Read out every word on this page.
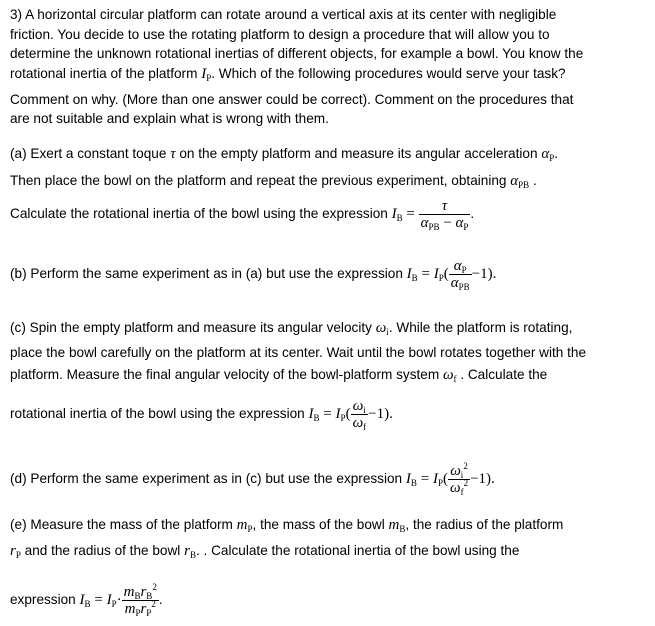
3) A horizontal circular platform can rotate around a vertical axis at its center with negligible
friction. You decide to use the rotating platform to design a procedure that will allow you to
determine the unknown rotational inertias of different objects, for example a bowl. You know the
rotational inertia of the platform $I_P$. Which of the following procedures would serve your task?
Comment on why. (More than one answer could be correct). Comment on the procedures that
are not suitable and explain what is wrong with them.
(a) Exert a constant toque τ on the empty platform and measure its angular acceleration $\alpha_P$.
Then place the bowl on the platform and repeat the previous experiment, obtaining $\alpha_{PB}$ .
Calculate the rotational inertia of the bowl using the expression $I_B = \frac{\tau}{\alpha_{PB} - \alpha_P}$ .
(b) Perform the same experiment as in (a) but use the expression $I_B = I_P( \frac{\alpha_P}{\alpha_{PB}} -1)$.
(c) Spin the empty platform and measure its angular velocity $\omega_i$. While the platform is rotating,
place the bowl carefully on the platform at its center. Wait until the bowl rotates together with the
platform. Measure the final angular velocity of the bowl-platform system $\omega_f$ . Calculate the
rotational inertia of the bowl using the expression $I_B = I_P( \frac{\omega_i}{\omega_f} -1)$.
(d) Perform the same experiment as in (c) but use the expression $I_B = I_P( \frac{\omega_i^2}{\omega_f^2} -1)$.
(e) Measure the mass of the platform $m_P$, the mass of the bowl $m_B$, the radius of the platform
$r_P$ and the radius of the bowl $r_B$. . Calculate the rotational inertia of the bowl using the
expression $I_B = I_P\cdot \frac{m_Br_B^2}{m_Pr_P^2}$ .
